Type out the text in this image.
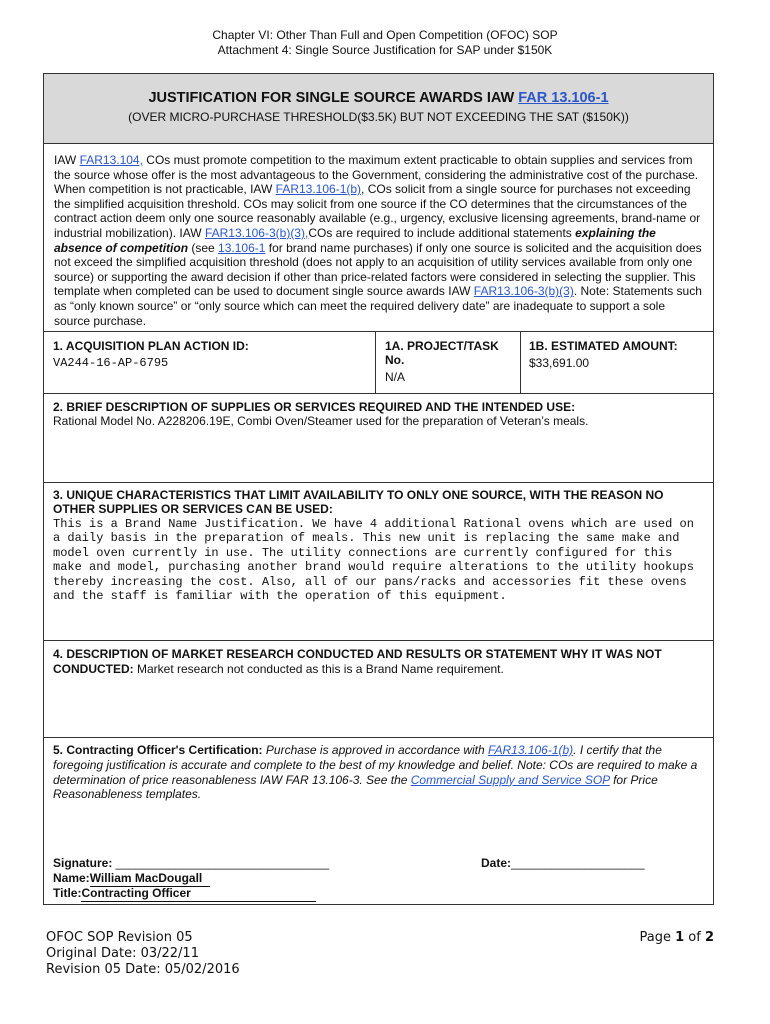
Chapter VI: Other Than Full and Open Competition (OFOC) SOP
Attachment 4: Single Source Justification for SAP under $150K
JUSTIFICATION FOR SINGLE SOURCE AWARDS IAW FAR 13.106-1
(OVER MICRO-PURCHASE THRESHOLD($3.5K) BUT NOT EXCEEDING THE SAT ($150K))
IAW FAR13.104, COs must promote competition to the maximum extent practicable to obtain supplies and services from the source whose offer is the most advantageous to the Government, considering the administrative cost of the purchase. When competition is not practicable, IAW FAR13.106-1(b), COs solicit from a single source for purchases not exceeding the simplified acquisition threshold. COs may solicit from one source if the CO determines that the circumstances of the contract action deem only one source reasonably available (e.g., urgency, exclusive licensing agreements, brand-name or industrial mobilization). IAW FAR13.106-3(b)(3),COs are required to include additional statements explaining the absence of competition (see 13.106-1 for brand name purchases) if only one source is solicited and the acquisition does not exceed the simplified acquisition threshold (does not apply to an acquisition of utility services available from only one source) or supporting the award decision if other than price-related factors were considered in selecting the supplier. This template when completed can be used to document single source awards IAW FAR13.106-3(b)(3). Note: Statements such as “only known source” or “only source which can meet the required delivery date” are inadequate to support a sole source purchase.
1. ACQUISITION PLAN ACTION ID:
VA244-16-AP-6795
1A. PROJECT/TASK No.
N/A
1B. ESTIMATED AMOUNT:
$33,691.00
2. BRIEF DESCRIPTION OF SUPPLIES OR SERVICES REQUIRED AND THE INTENDED USE:
Rational Model No. A228206.19E, Combi Oven/Steamer used for the preparation of Veteran’s meals.
3. UNIQUE CHARACTERISTICS THAT LIMIT AVAILABILITY TO ONLY ONE SOURCE, WITH THE REASON NO OTHER SUPPLIES OR SERVICES CAN BE USED:
This is a Brand Name Justification. We have 4 additional Rational ovens which are used on a daily basis in the preparation of meals. This new unit is replacing the same make and model oven currently in use. The utility connections are currently configured for this make and model, purchasing another brand would require alterations to the utility hookups thereby increasing the cost. Also, all of our pans/racks and accessories fit these ovens and the staff is familiar with the operation of this equipment.
4. DESCRIPTION OF MARKET RESEARCH CONDUCTED AND RESULTS OR STATEMENT WHY IT WAS NOT CONDUCTED: Market research not conducted as this is a Brand Name requirement.
5. Contracting Officer's Certification: Purchase is approved in accordance with FAR13.106-1(b). I certify that the foregoing justification is accurate and complete to the best of my knowledge and belief. Note: COs are required to make a determination of price reasonableness IAW FAR 13.106-3. See the Commercial Supply and Service SOP for Price Reasonableness templates.
Signature: ________________________________	Date:____________________
Name:William MacDougall
Title:Contracting Officer
OFOC SOP Revision 05
Original Date: 03/22/11
Revision 05 Date: 05/02/2016
Page 1 of 2
